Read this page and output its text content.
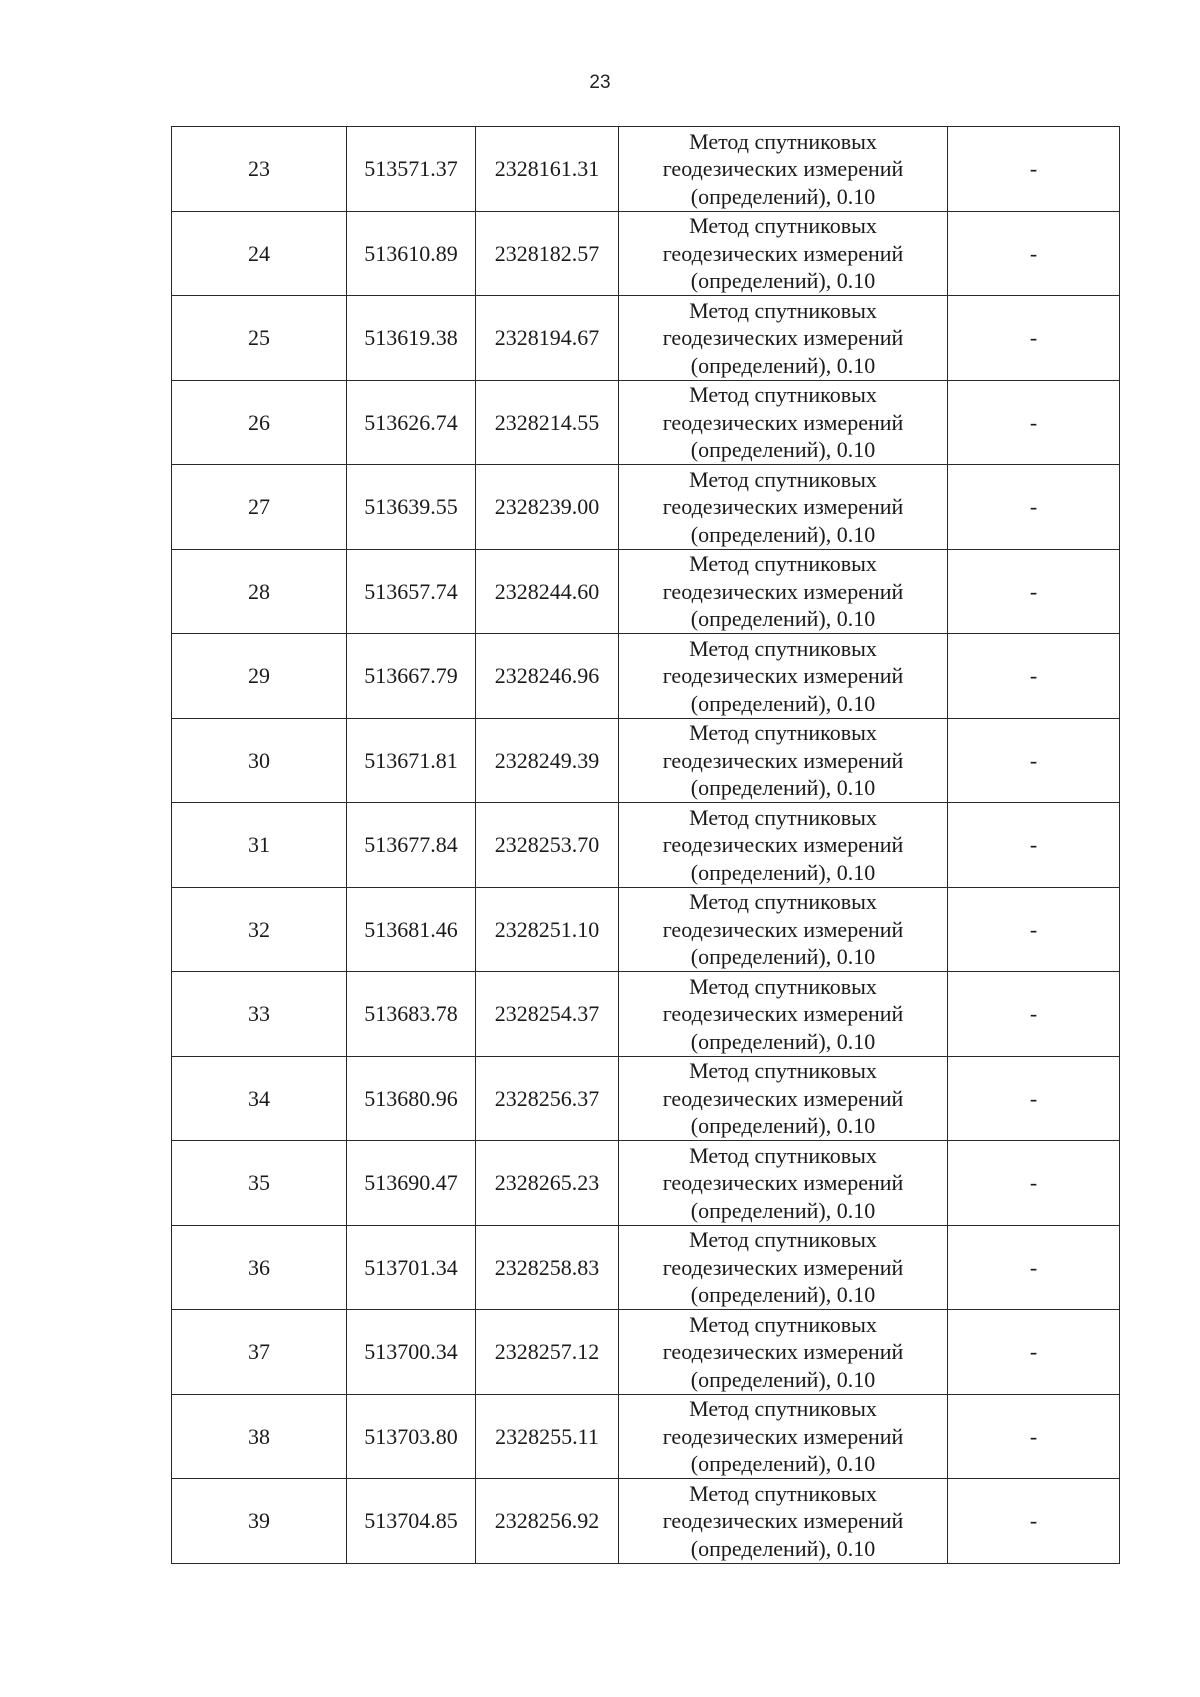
23
23	513571.37	2328161.31	Метод спутниковых
геодезических измерений
(определений), 0.10	-
24	513610.89	2328182.57	Метод спутниковых
геодезических измерений
(определений), 0.10	-
25	513619.38	2328194.67	Метод спутниковых
геодезических измерений
(определений), 0.10	-
26	513626.74	2328214.55	Метод спутниковых
геодезических измерений
(определений), 0.10	-
27	513639.55	2328239.00	Метод спутниковых
геодезических измерений
(определений), 0.10	-
28	513657.74	2328244.60	Метод спутниковых
геодезических измерений
(определений), 0.10	-
29	513667.79	2328246.96	Метод спутниковых
геодезических измерений
(определений), 0.10	-
30	513671.81	2328249.39	Метод спутниковых
геодезических измерений
(определений), 0.10	-
31	513677.84	2328253.70	Метод спутниковых
геодезических измерений
(определений), 0.10	-
32	513681.46	2328251.10	Метод спутниковых
геодезических измерений
(определений), 0.10	-
33	513683.78	2328254.37	Метод спутниковых
геодезических измерений
(определений), 0.10	-
34	513680.96	2328256.37	Метод спутниковых
геодезических измерений
(определений), 0.10	-
35	513690.47	2328265.23	Метод спутниковых
геодезических измерений
(определений), 0.10	-
36	513701.34	2328258.83	Метод спутниковых
геодезических измерений
(определений), 0.10	-
37	513700.34	2328257.12	Метод спутниковых
геодезических измерений
(определений), 0.10	-
38	513703.80	2328255.11	Метод спутниковых
геодезических измерений
(определений), 0.10	-
39	513704.85	2328256.92	Метод спутниковых
геодезических измерений
(определений), 0.10	-
